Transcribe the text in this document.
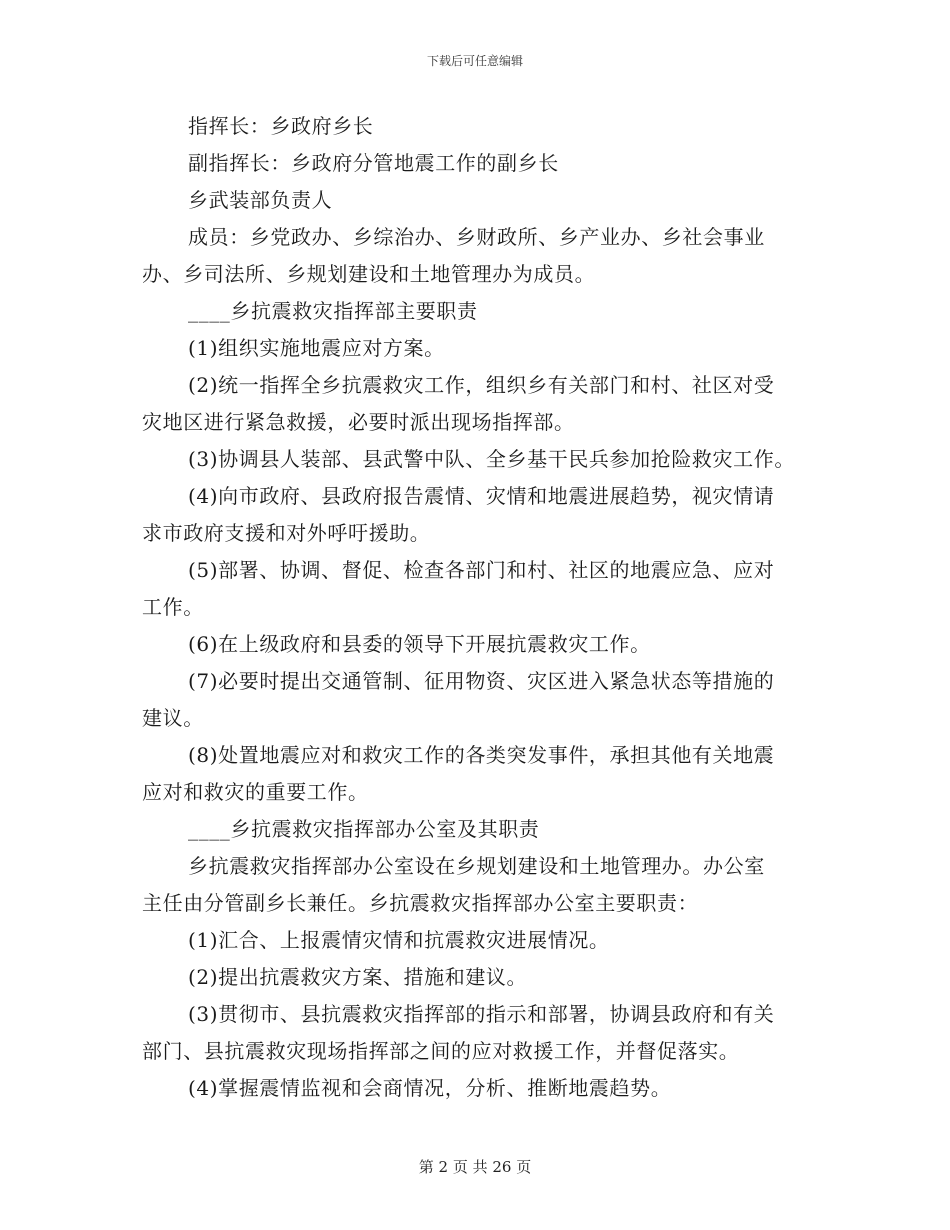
下载后可任意编辑
指挥长：乡政府乡长
副指挥长：乡政府分管地震工作的副乡长
乡武装部负责人
成员：乡党政办、乡综治办、乡财政所、乡产业办、乡社会事业
办、乡司法所、乡规划建设和土地管理办为成员。
____乡抗震救灾指挥部主要职责
(1)组织实施地震应对方案。
(2)统一指挥全乡抗震救灾工作，组织乡有关部门和村、社区对受
灾地区进行紧急救援，必要时派出现场指挥部。
(3)协调县人装部、县武警中队、全乡基干民兵参加抢险救灾工作。
(4)向市政府、县政府报告震情、灾情和地震进展趋势，视灾情请
求市政府支援和对外呼吁援助。
(5)部署、协调、督促、检查各部门和村、社区的地震应急、应对
工作。
(6)在上级政府和县委的领导下开展抗震救灾工作。
(7)必要时提出交通管制、征用物资、灾区进入紧急状态等措施的
建议。
(8)处置地震应对和救灾工作的各类突发事件，承担其他有关地震
应对和救灾的重要工作。
____乡抗震救灾指挥部办公室及其职责
乡抗震救灾指挥部办公室设在乡规划建设和土地管理办。办公室
主任由分管副乡长兼任。乡抗震救灾指挥部办公室主要职责：
(1)汇合、上报震情灾情和抗震救灾进展情况。
(2)提出抗震救灾方案、措施和建议。
(3)贯彻市、县抗震救灾指挥部的指示和部署，协调县政府和有关
部门、县抗震救灾现场指挥部之间的应对救援工作，并督促落实。
(4)掌握震情监视和会商情况，分析、推断地震趋势。
第 2 页 共 26 页
